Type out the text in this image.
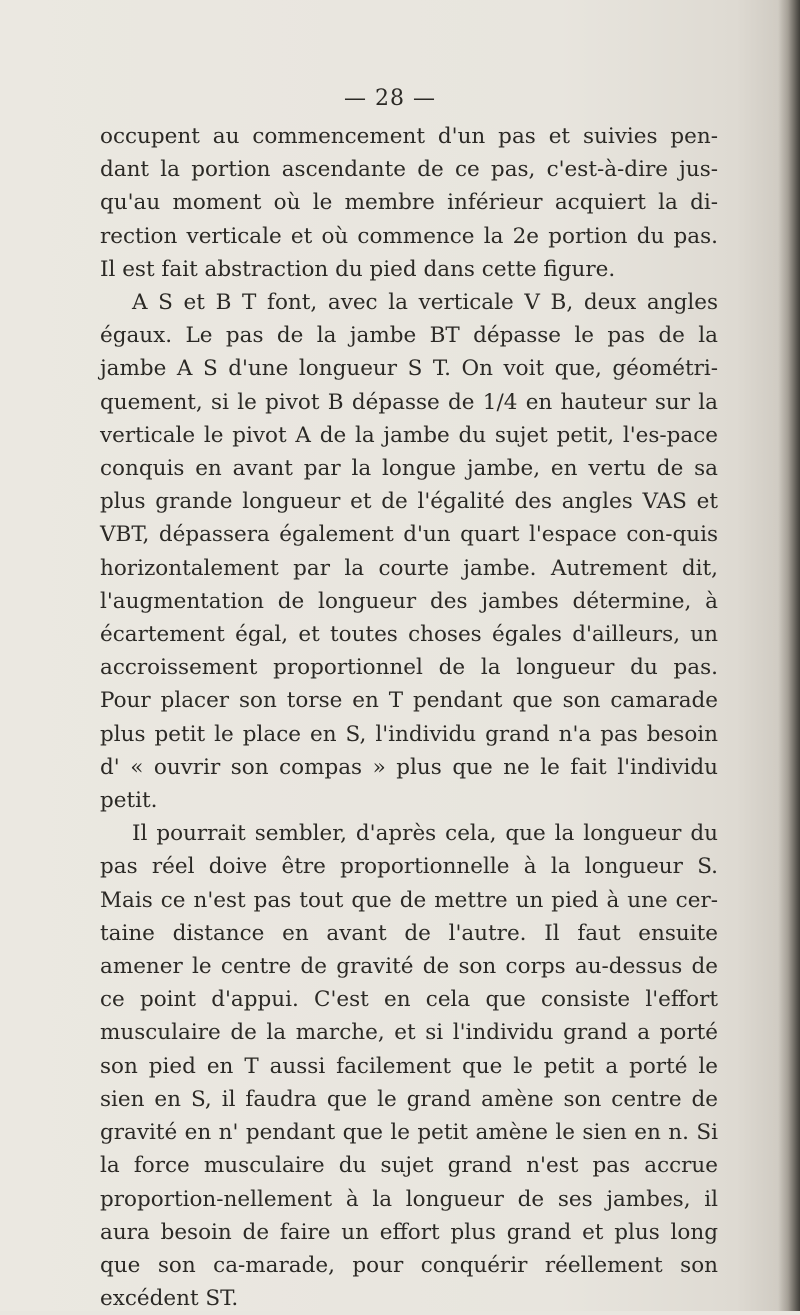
— 28 —

occupent au commencement d'un pas et suivies pen-dant la portion ascendante de ce pas, c'est-à-dire jus-qu'au moment où le membre inférieur acquiert la di-rection verticale et où commence la 2e portion du pas. Il est fait abstraction du pied dans cette figure.

A S et B T font, avec la verticale V B, deux angles égaux. Le pas de la jambe BT dépasse le pas de la jambe A S d'une longueur S T. On voit que, géométri-quement, si le pivot B dépasse de 1/4 en hauteur sur la verticale le pivot A de la jambe du sujet petit, l'es-pace conquis en avant par la longue jambe, en vertu de sa plus grande longueur et de l'égalité des angles VAS et VBT, dépassera également d'un quart l'espace con-quis horizontalement par la courte jambe. Autrement dit, l'augmentation de longueur des jambes détermine, à écartement égal, et toutes choses égales d'ailleurs, un accroissement proportionnel de la longueur du pas. Pour placer son torse en T pendant que son camarade plus petit le place en S, l'individu grand n'a pas besoin d' « ouvrir son compas » plus que ne le fait l'individu petit.

Il pourrait sembler, d'après cela, que la longueur du pas réel doive être proportionnelle à la longueur S. Mais ce n'est pas tout que de mettre un pied à une cer-taine distance en avant de l'autre. Il faut ensuite amener le centre de gravité de son corps au-dessus de ce point d'appui. C'est en cela que consiste l'effort musculaire de la marche, et si l'individu grand a porté son pied en T aussi facilement que le petit a porté le sien en S, il faudra que le grand amène son centre de gravité en n' pendant que le petit amène le sien en n. Si la force musculaire du sujet grand n'est pas accrue proportion-nellement à la longueur de ses jambes, il aura besoin de faire un effort plus grand et plus long que son ca-marade, pour conquérir réellement son excédent ST.
